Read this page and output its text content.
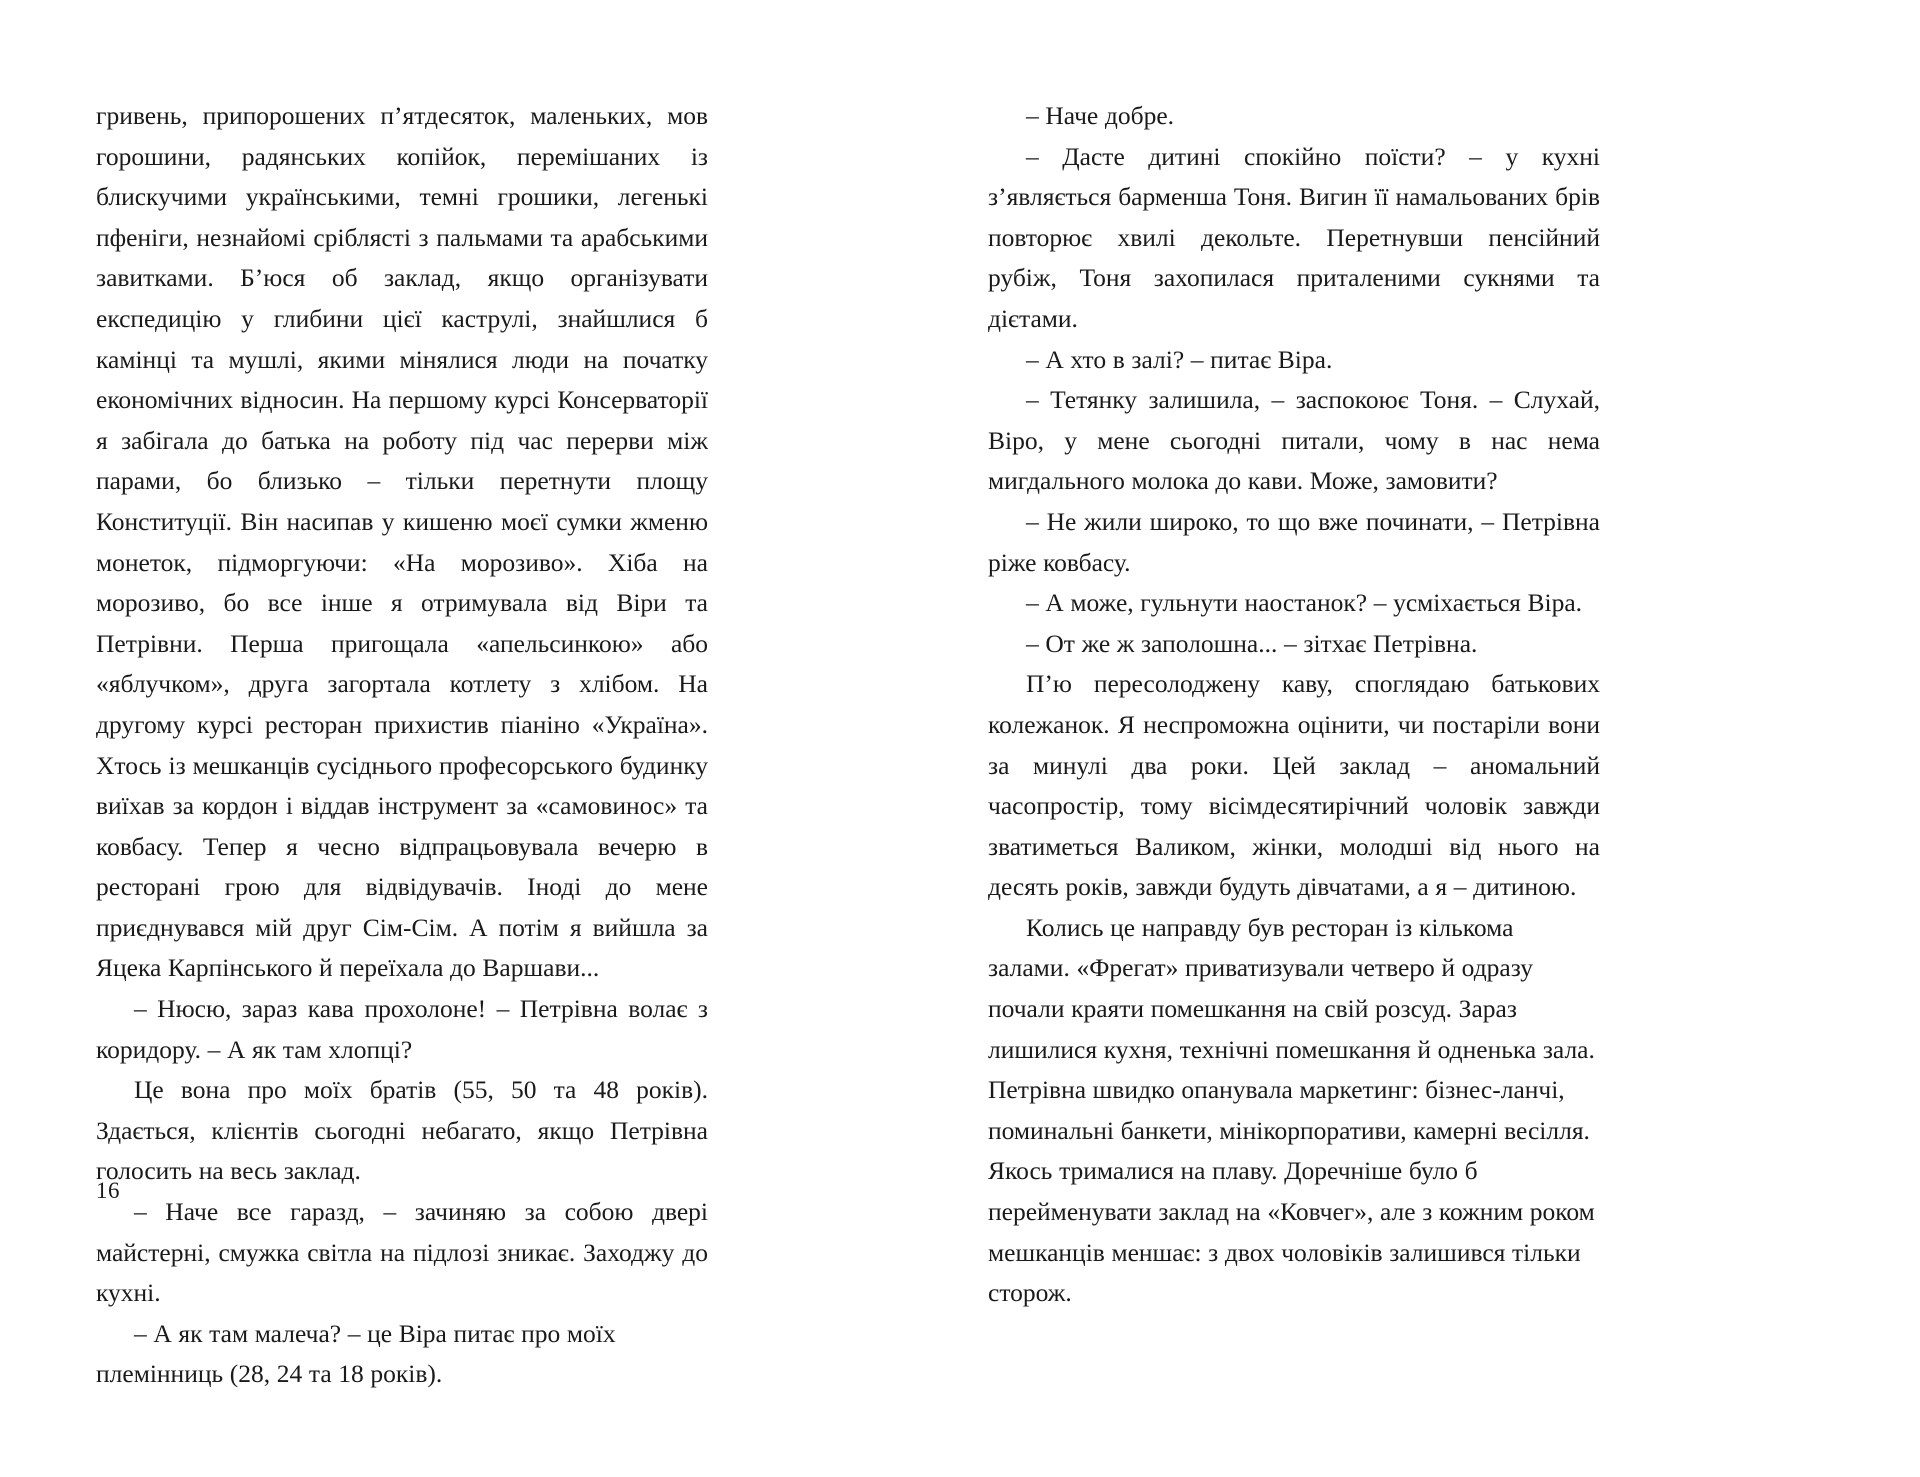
гривень, припорошених п’ятдесяток, маленьких, мов горошини, радянських копійок, перемішаних із блискучими українськими, темні грошики, легенькі пфеніги, незнайомі сріблясті з пальмами та арабськими завитками. Б’юся об заклад, якщо організувати експедицію у глибини цієї каструлі, знайшлися б камінці та мушлі, якими мінялися люди на початку економічних відносин. На першому курсі Консерваторії я забігала до батька на роботу під час перерви між парами, бо близько – тільки перетнути площу Конституції. Він насипав у кишеню моєї сумки жменю монеток, підморгуючи: «На морозиво». Хіба на морозиво, бо все інше я отримувала від Віри та Петрівни. Перша пригощала «апельсинкою» або «яблучком», друга загортала котлету з хлібом. На другому курсі ресторан прихистив піаніно «Україна». Хтось із мешканців сусіднього професорського будинку виїхав за кордон і віддав інструмент за «самовинос» та ковбасу. Тепер я чесно відпрацьовувала вечерю в ресторані грою для відвідувачів. Іноді до мене приєднувався мій друг Сім-Сім. А потім я вийшла за Яцека Карпінського й переїхала до Варшави...

– Нюсю, зараз кава прохолоне! – Петрівна волає з коридору. – А як там хлопці?

Це вона про моїх братів (55, 50 та 48 років). Здається, клієнтів сьогодні небагато, якщо Петрівна голосить на весь заклад.

– Наче все гаразд, – зачиняю за собою двері майстерні, смужка світла на підлозі зникає. Заходжу до кухні.

– А як там малеча? – це Віра питає про моїх племінниць (28, 24 та 18 років).

– Наче добре.

– Дасте дитині спокійно поїсти? – у кухні з’являється барменша Тоня. Вигин її намальованих брів повторює хвилі декольте. Перетнувши пенсійний рубіж, Тоня захопилася приталеними сукнями та дієтами.

– А хто в залі? – питає Віра.

– Тетянку залишила, – заспокоює Тоня. – Слухай, Віро, у мене сьогодні питали, чому в нас нема мигдального молока до кави. Може, замовити?

– Не жили широко, то що вже починати, – Петрівна ріже ковбасу.

– А може, гульнути наостанок? – усміхається Віра.

– От же ж заполошна... – зітхає Петрівна.

П’ю пересолоджену каву, споглядаю батькових колежанок. Я неспроможна оцінити, чи постаріли вони за минулі два роки. Цей заклад – аномальний часопростір, тому вісімдесятирічний чоловік завжди зватиметься Валиком, жінки, молодші від нього на десять років, завжди будуть дівчатами, а я – дитиною.

Колись це направду був ресторан із кількома залами. «Фрегат» приватизували четверо й одразу почали краяти помешкання на свій розсуд. Зараз лишилися кухня, технічні помешкання й одненька зала. Петрівна швидко опанувала маркетинг: бізнес-ланчі, поминальні банкети, мінікорпоративи, камерні весілля. Якось трималися на плаву. Доречніше було б перейменувати заклад на «Ковчег», але з кожним роком мешканців меншає: з двох чоловіків залишився тільки сторож.

16
